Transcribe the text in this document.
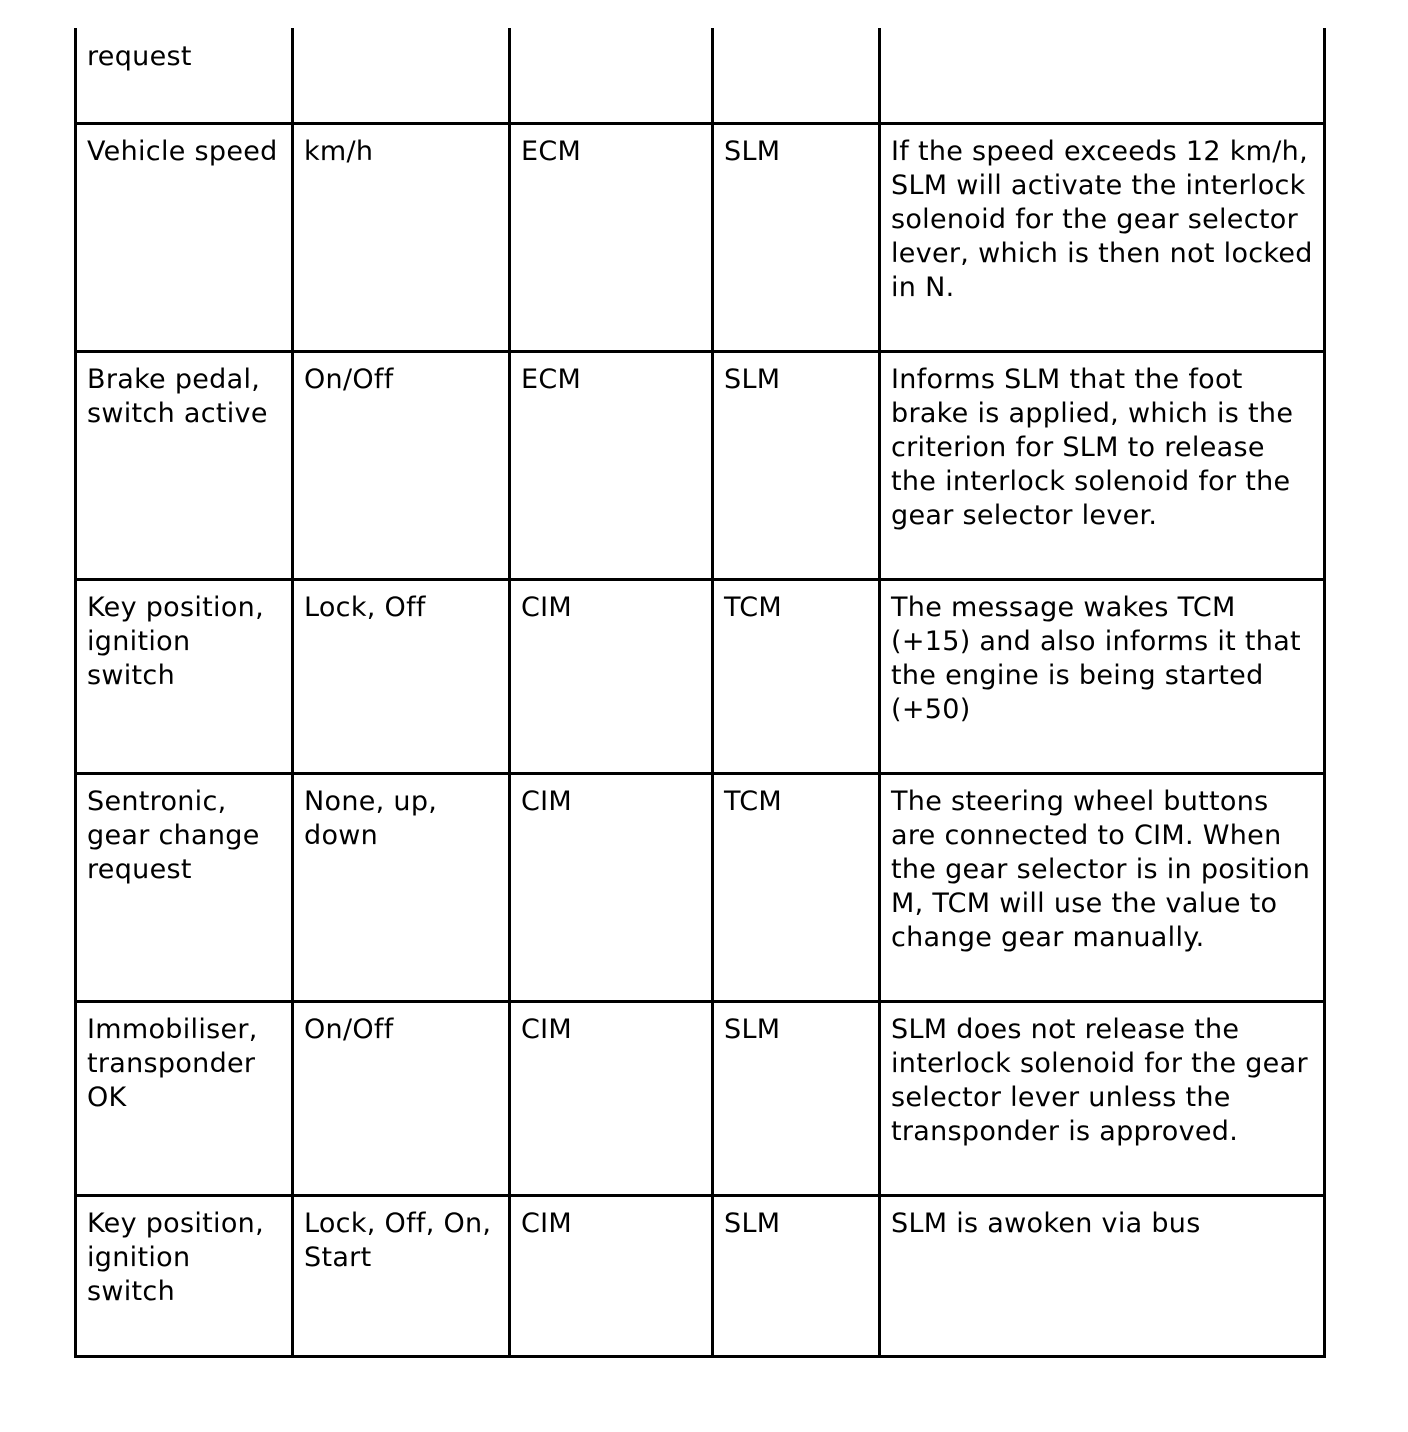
request				
Vehicle speed	km/h	ECM	SLM	If the speed exceeds 12 km/h, SLM will activate the interlock solenoid for the gear selector lever, which is then not locked in N.
Brake pedal, switch active	On/Off	ECM	SLM	Informs SLM that the foot brake is applied, which is the criterion for SLM to release the interlock solenoid for the gear selector lever.
Key position, ignition switch	Lock, Off	CIM	TCM	The message wakes TCM (+15) and also informs it that the engine is being started (+50)
Sentronic, gear change request	None, up, down	CIM	TCM	The steering wheel buttons are connected to CIM. When the gear selector is in position M, TCM will use the value to change gear manually.
Immobiliser, transponder OK	On/Off	CIM	SLM	SLM does not release the interlock solenoid for the gear selector lever unless the transponder is approved.
Key position, ignition switch	Lock, Off, On, Start	CIM	SLM	SLM is awoken via bus
